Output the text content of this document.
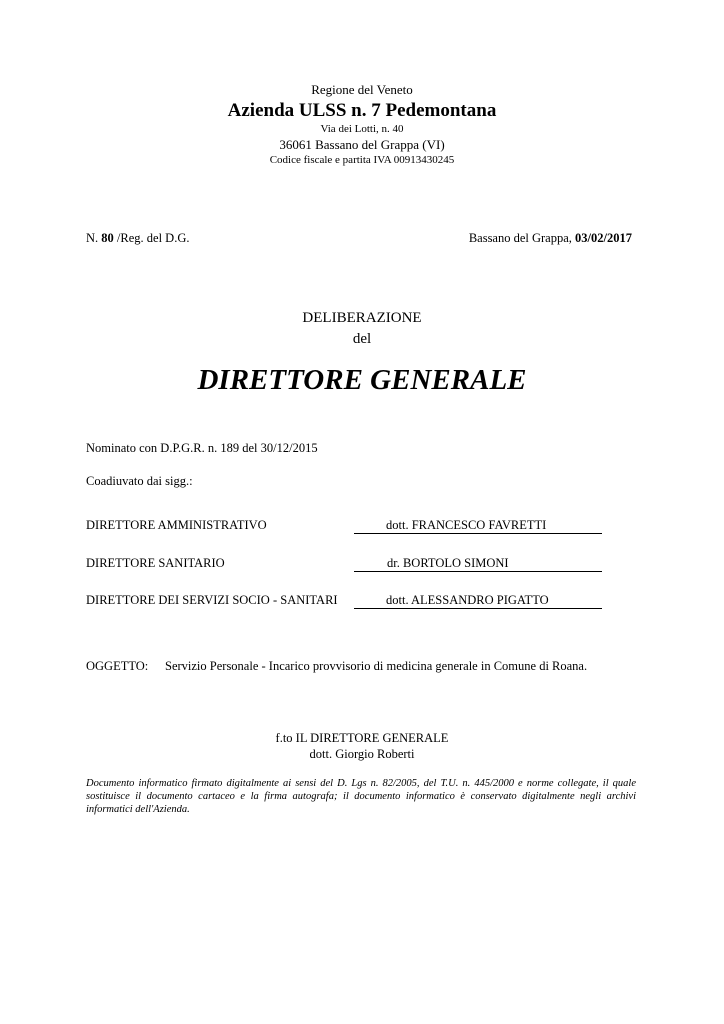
Regione del Veneto
Azienda ULSS n. 7 Pedemontana
Via dei Lotti, n. 40
36061 Bassano del Grappa (VI)
Codice fiscale e partita IVA 00913430245
N. 80 /Reg. del D.G.	Bassano del Grappa, 03/02/2017
DELIBERAZIONE
del
DIRETTORE GENERALE
Nominato con D.P.G.R. n. 189 del 30/12/2015
Coadiuvato dai sigg.:
DIRETTORE AMMINISTRATIVO	dott. FRANCESCO FAVRETTI
DIRETTORE SANITARIO	dr. BORTOLO SIMONI
DIRETTORE DEI SERVIZI SOCIO - SANITARI	dott. ALESSANDRO PIGATTO
OGGETTO: Servizio Personale - Incarico provvisorio di medicina generale in Comune di Roana.
f.to IL DIRETTORE GENERALE
dott. Giorgio Roberti
Documento informatico firmato digitalmente ai sensi del D. Lgs n. 82/2005, del T.U. n. 445/2000 e norme collegate, il quale sostituisce il documento cartaceo e la firma autografa; il documento informatico è conservato digitalmente negli archivi informatici dell'Azienda.
